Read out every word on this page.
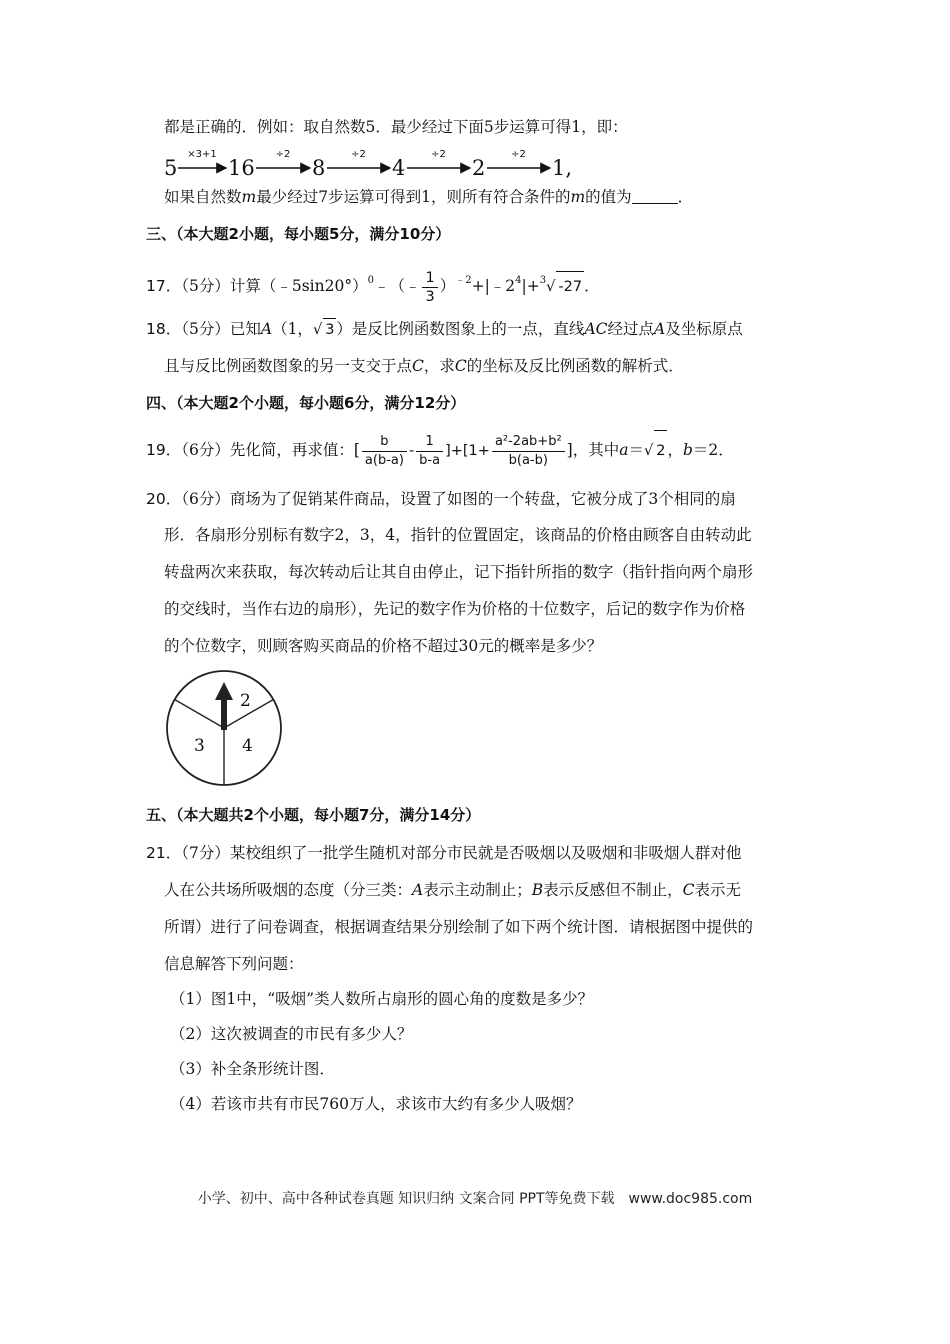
都是正确的．例如：取自然数5．最少经过下面5步运算可得1，即：
5 16	8	4	2	1,
×3+1	÷2	÷2	÷2	÷2
如果自然数m最少经过7步运算可得到1，则所有符合条件的m的值为	．
三、（本大题2小题，每小题5分，满分10分）
17．（5分）计算（﹣5sin20°）$^0$﹣（﹣ $\frac{1}{3}$ ）$^{﹣2}+|﹣2^4|+^3√$ -27 ．
18．（5分）已知A（1，√ 3 ）是反比例函数图象上的一点，直线AC经过点A及坐标原点
且与反比例函数图象的另一支交于点C，求C的坐标及反比例函数的解析式．
四、（本大题2个小题，每小题6分，满分12分）
19．（6分）先化简，再求值：[ $\frac{b}{a(b-a)} - \frac{1}{b-a} ]+[1+ \frac{\text{a²-2ab+b²}}{b(a-b)}$ ]，其中a＝√ 2 ，b＝2．
20．（6分）商场为了促销某件商品，设置了如图的一个转盘，它被分成了3个相同的扇
形．各扇形分别标有数字2，3，4，指针的位置固定，该商品的价格由顾客自由转动此
转盘两次来获取，每次转动后让其自由停止，记下指针所指的数字（指针指向两个扇形
的交线时，当作右边的扇形），先记的数字作为价格的十位数字，后记的数字作为价格
的个位数字，则顾客购买商品的价格不超过30元的概率是多少？
2
3 4
五、（本大题共2个小题，每小题7分，满分14分）
21．（7分）某校组织了一批学生随机对部分市民就是否吸烟以及吸烟和非吸烟人群对他
人在公共场所吸烟的态度（分三类：A表示主动制止；B表示反感但不制止，C表示无
所谓）进行了问卷调查，根据调查结果分别绘制了如下两个统计图．请根据图中提供的
信息解答下列问题：
（1）图1中，“吸烟”类人数所占扇形的圆心角的度数是多少？
（2）这次被调查的市民有多少人？
（3）补全条形统计图．
（4）若该市共有市民760万人，求该市大约有多少人吸烟？
小学、初中、高中各种试卷真题 知识归纳 文案合同 PPT等免费下载　www.doc985.com
